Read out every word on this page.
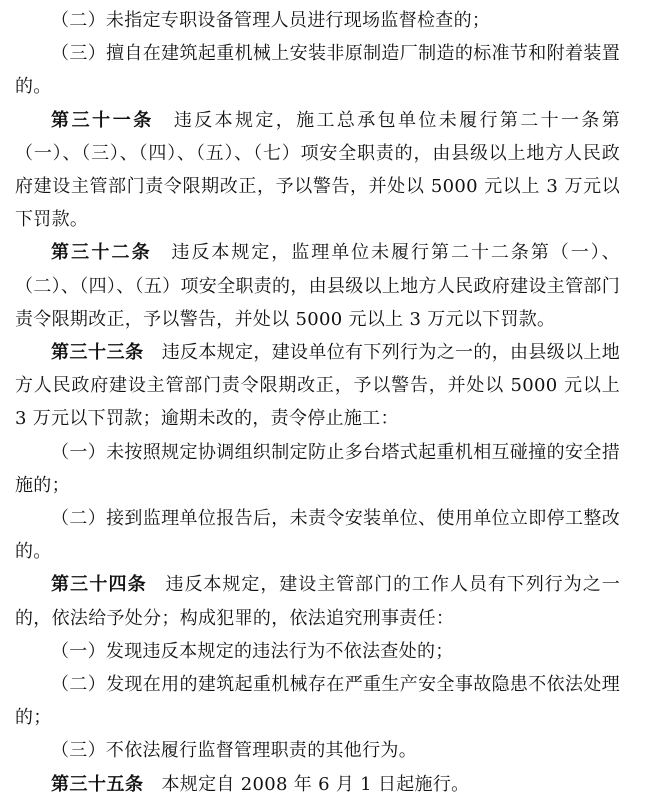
（二）未指定专职设备管理人员进行现场监督检查的；

（三）擅自在建筑起重机械上安装非原制造厂制造的标准节和附着装置的。

第三十一条 违反本规定，施工总承包单位未履行第二十一条第（一）、（三）、（四）、（五）、（七）项安全职责的，由县级以上地方人民政府建设主管部门责令限期改正，予以警告，并处以 5000 元以上 3 万元以下罚款。

第三十二条 违反本规定，监理单位未履行第二十二条第（一）、（二）、（四）、（五）项安全职责的，由县级以上地方人民政府建设主管部门责令限期改正，予以警告，并处以 5000 元以上 3 万元以下罚款。

第三十三条 违反本规定，建设单位有下列行为之一的，由县级以上地方人民政府建设主管部门责令限期改正，予以警告，并处以 5000 元以上 3 万元以下罚款；逾期未改的，责令停止施工：

（一）未按照规定协调组织制定防止多台塔式起重机相互碰撞的安全措施的；

（二）接到监理单位报告后，未责令安装单位、使用单位立即停工整改的。

第三十四条 违反本规定，建设主管部门的工作人员有下列行为之一的，依法给予处分；构成犯罪的，依法追究刑事责任：

（一）发现违反本规定的违法行为不依法查处的；

（二）发现在用的建筑起重机械存在严重生产安全事故隐患不依法处理的；

（三）不依法履行监督管理职责的其他行为。

第三十五条 本规定自 2008 年 6 月 1 日起施行。
